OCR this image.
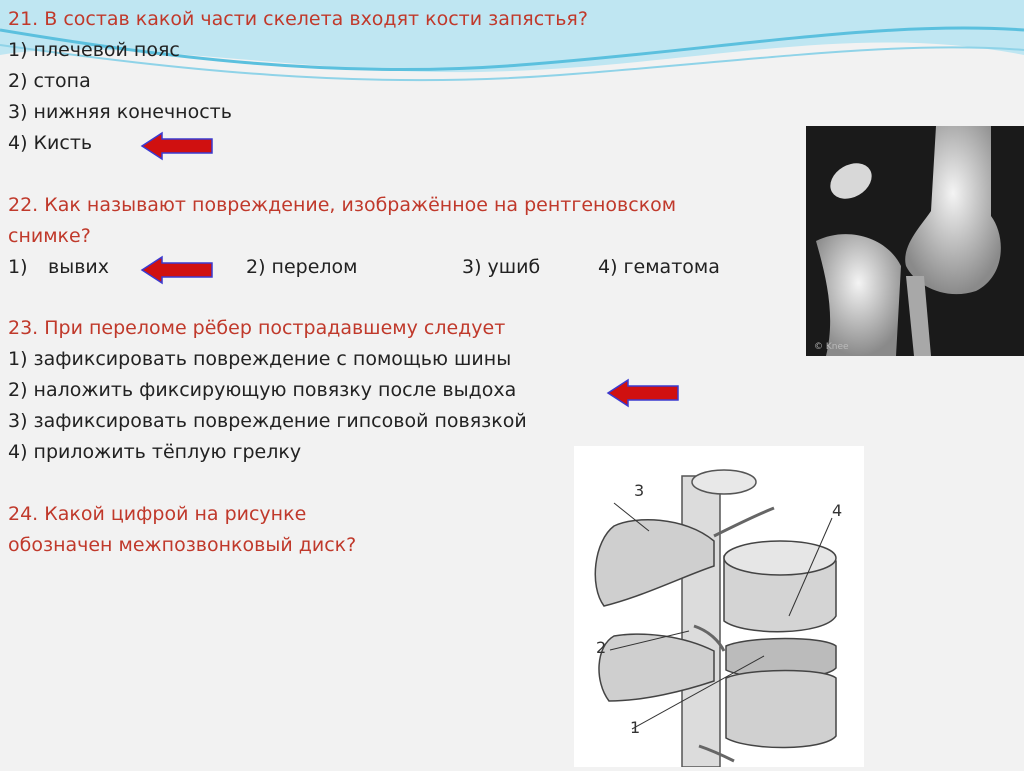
21. В состав какой части скелета входят кости запястья?
1) плечевой пояс
2) стопа
3) нижняя конечность
4) Кисть
22. Как называют повреждение, изображённое на рентгеновском
снимке?
1) вывих	2) перелом	3) ушиб	4) гематома
23. При переломе рёбер пострадавшему следует
1) зафиксировать повреждение с помощью шины
2) наложить фиксирующую повязку после выдоха
3) зафиксировать повреждение гипсовой повязкой
4) приложить тёплую грелку
24. Какой цифрой на рисунке
обозначен межпозвонковый диск?
© Knee
1
2
3
4
